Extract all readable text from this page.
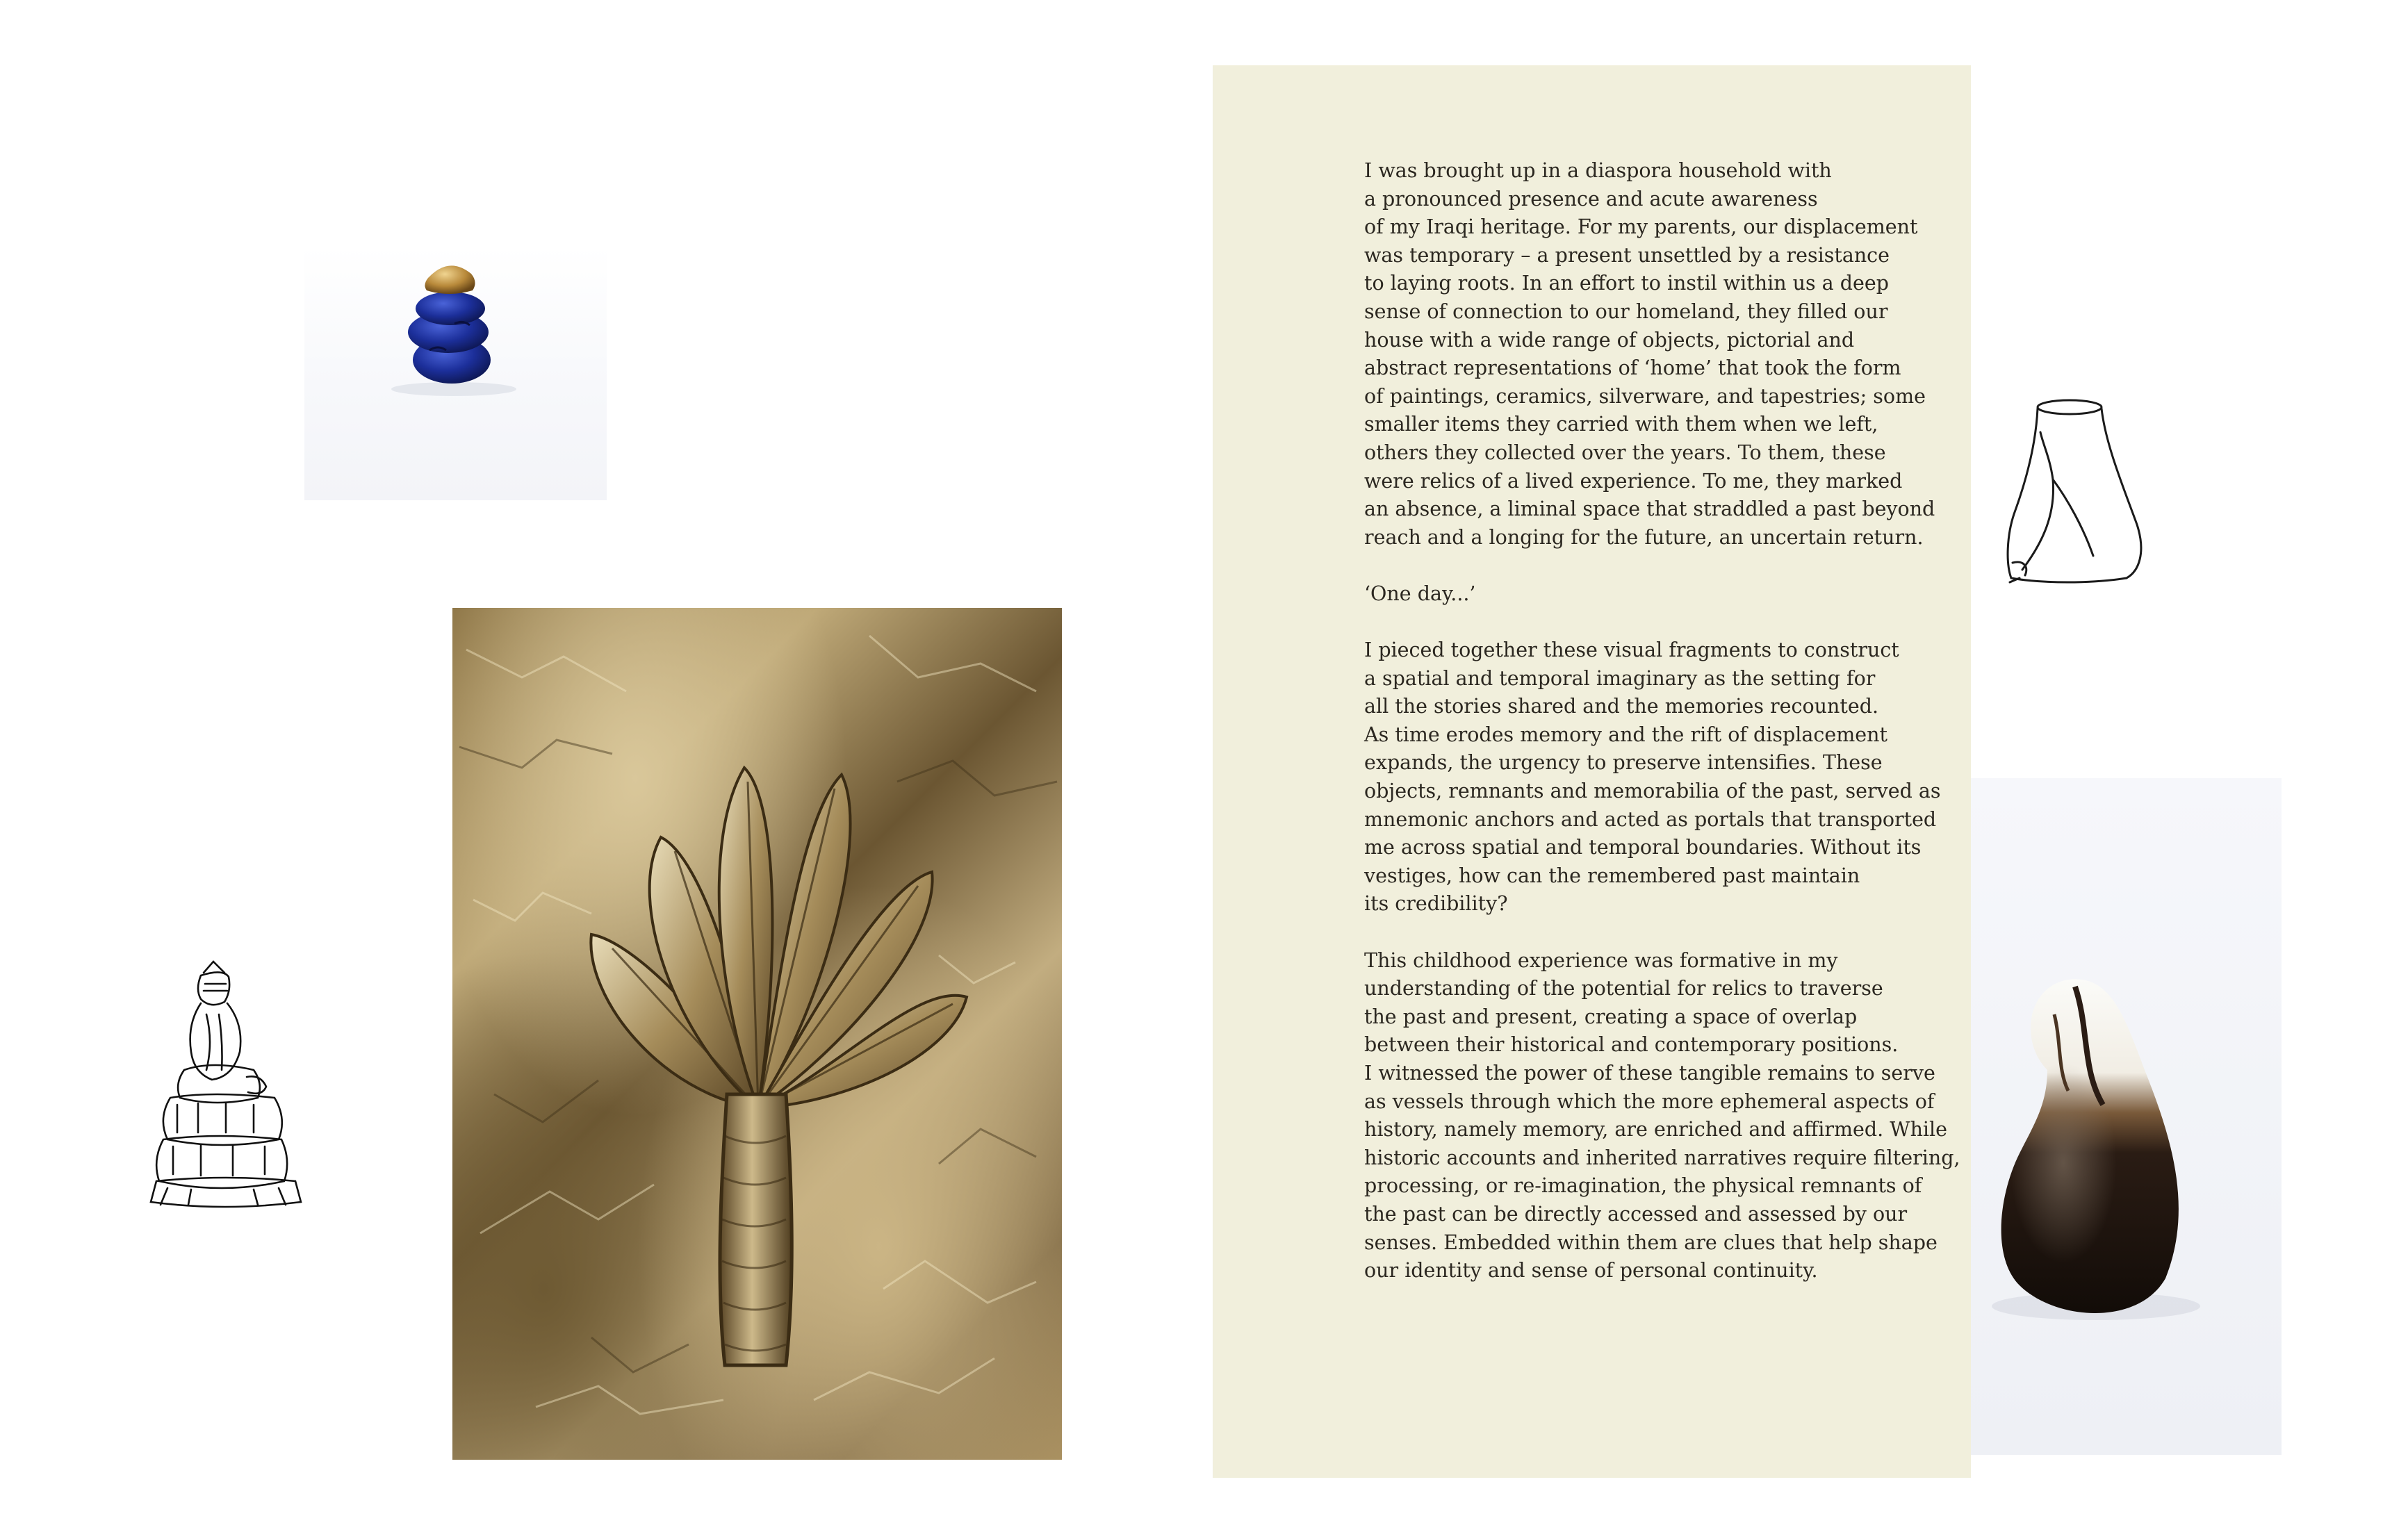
I was brought up in a diaspora household with
a pronounced presence and acute awareness
of my Iraqi heritage. For my parents, our displacement
was temporary – a present unsettled by a resistance
to laying roots. In an effort to instil within us a deep
sense of connection to our homeland, they filled our
house with a wide range of objects, pictorial and
abstract representations of ‘home’ that took the form
of paintings, ceramics, silverware, and tapestries; some
smaller items they carried with them when we left,
others they collected over the years. To them, these
were relics of a lived experience. To me, they marked
an absence, a liminal space that straddled a past beyond
reach and a longing for the future, an uncertain return.

‘One day...’

I pieced together these visual fragments to construct
a spatial and temporal imaginary as the setting for
all the stories shared and the memories recounted.
As time erodes memory and the rift of displacement
expands, the urgency to preserve intensifies. These
objects, remnants and memorabilia of the past, served as
mnemonic anchors and acted as portals that transported
me across spatial and temporal boundaries. Without its
vestiges, how can the remembered past maintain
its credibility?

This childhood experience was formative in my
understanding of the potential for relics to traverse
the past and present, creating a space of overlap
between their historical and contemporary positions.
I witnessed the power of these tangible remains to serve
as vessels through which the more ephemeral aspects of
history, namely memory, are enriched and affirmed. While
historic accounts and inherited narratives require filtering,
processing, or re-imagination, the physical remnants of
the past can be directly accessed and assessed by our
senses. Embedded within them are clues that help shape
our identity and sense of personal continuity.
